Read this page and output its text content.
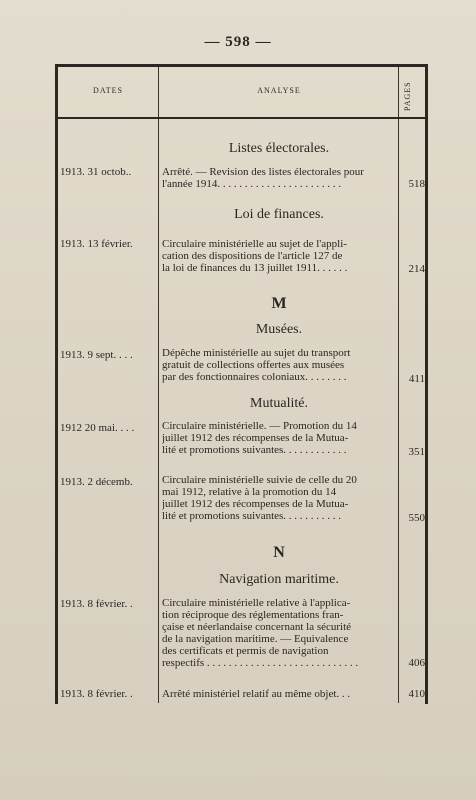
— 598 —
DATES	ANALYSE	PAGES
Listes électorales.
1913. 31 octob..	Arrêté. — Revision des listes électorales pour
l'année 1914. . . . . . . . . . . . . . . . . . . . . . .	518
Loi de finances.
1913. 13 février.	Circulaire ministérielle au sujet de l'appli-
cation des dispositions de l'article 127 de
la loi de finances du 13 juillet 1911. . . . . .	214
M
Musées.
1913. 9 sept. . . .	Dépêche ministérielle au sujet du transport
gratuit de collections offertes aux musées
par des fonctionnaires coloniaux. . . . . . . .	411
Mutualité.
1912 20 mai. . . .	Circulaire ministérielle. — Promotion du 14
juillet 1912 des récompenses de la Mutua-
lité et promotions suivantes. . . . . . . . . . . .	351
1913. 2 décemb.	Circulaire ministérielle suivie de celle du 20
mai 1912, relative à la promotion du 14
juillet 1912 des récompenses de la Mutua-
lité et promotions suivantes. . . . . . . . . . .	550
N
Navigation maritime.
1913. 8 février. .	Circulaire ministérielle relative à l'applica-
tion réciproque des réglementations fran-
çaise et néerlandaise concernant la sécurité
de la navigation maritime. — Equivalence
des certificats et permis de navigation
respectifs . . . . . . . . . . . . . . . . . . . . . . . . . . . .	406
1913. 8 février. .	Arrêté ministériel relatif au même objet. . .	410
